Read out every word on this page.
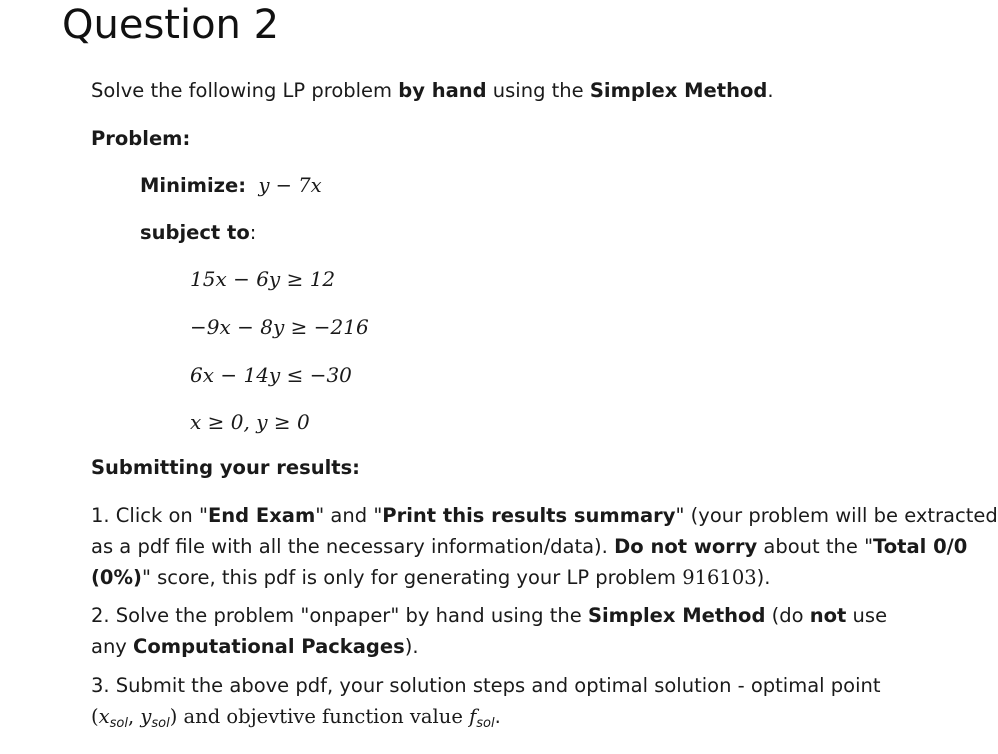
Question 2
Solve the following LP problem by hand using the Simplex Method.
Problem:
Minimize: y − 7x
subject to:
15x − 6y ≥ 12
−9x − 8y ≥ −216
6x − 14y ≤ −30
x ≥ 0, y ≥ 0
Submitting your results:
1. Click on "End Exam" and "Print this results summary" (your problem will be extracted
as a pdf file with all the necessary information/data). Do not worry about the "Total 0/0
(0%)" score, this pdf is only for generating your LP problem 916103).
2. Solve the problem "onpaper" by hand using the Simplex Method (do not use
any Computational Packages).
3. Submit the above pdf, your solution steps and optimal solution - optimal point
($x_{sol}$, $y_{sol}$) and objevtive function value $f_{sol}$.
